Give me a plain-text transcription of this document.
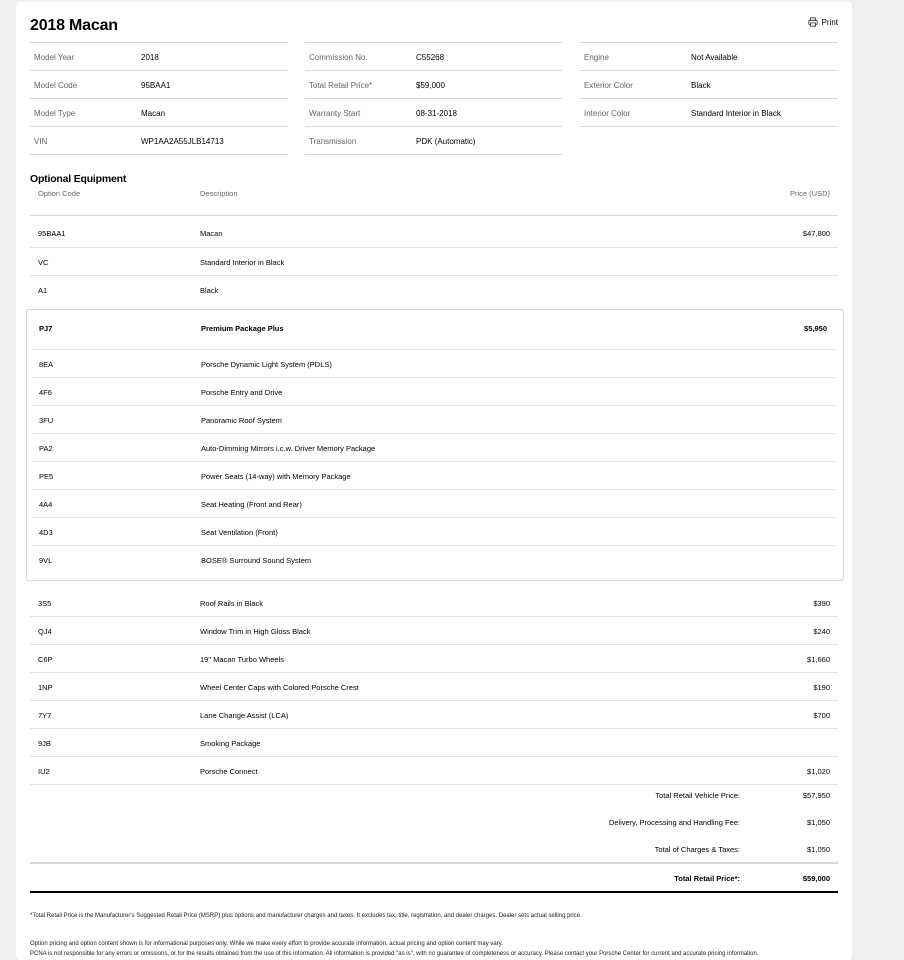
2018 Macan	Print
Model Year	2018
Model Code	95BAA1
Model Type	Macan
VIN	WP1AA2A55JLB14713
Commission No.	C55268
Total Retail Price*	$59,000
Warranty Start	08-31-2018
Transmission	PDK (Automatic)
Engine	Not Available
Exterior Color	Black
Interior Color	Standard Interior in Black
Optional Equipment
Option Code	Description	Price (USD)
95BAA1	Macan	$47,800
VC	Standard Interior in Black
A1	Black
PJ7	Premium Package Plus	$5,950
8EA	Porsche Dynamic Light System (PDLS)
4F6	Porsche Entry and Drive
3FU	Panoramic Roof System
PA2	Auto-Dimming Mirrors i.c.w. Driver Memory Package
PE5	Power Seats (14-way) with Memory Package
4A4	Seat Heating (Front and Rear)
4D3	Seat Ventilation (Front)
9VL	BOSE® Surround Sound System
3S5	Roof Rails in Black	$390
QJ4	Window Trim in High Gloss Black	$240
C6P	19" Macan Turbo Wheels	$1,660
1NP	Wheel Center Caps with Colored Porsche Crest	$190
7Y7	Lane Change Assist (LCA)	$700
9JB	Smoking Package
IU2	Porsche Connect	$1,020
Total Retail Vehicle Price:	$57,950
Delivery, Processing and Handling Fee:	$1,050
Total of Charges & Taxes:	$1,050
Total Retail Price*:	$59,000
*Total Retail Price is the Manufacturer's Suggested Retail Price (MSRP) plus options and manufacturer charges and taxes. It excludes tax, title, registration, and dealer charges. Dealer sets actual selling price.
Option pricing and option content shown is for informational purposes only. While we make every effort to provide accurate information, actual pricing and option content may vary.
PCNA is not responsible for any errors or omissions, or for the results obtained from the use of this information. All information is provided "as is", with no guarantee of completeness or accuracy. Please contact your Porsche Center for current and accurate pricing information.
